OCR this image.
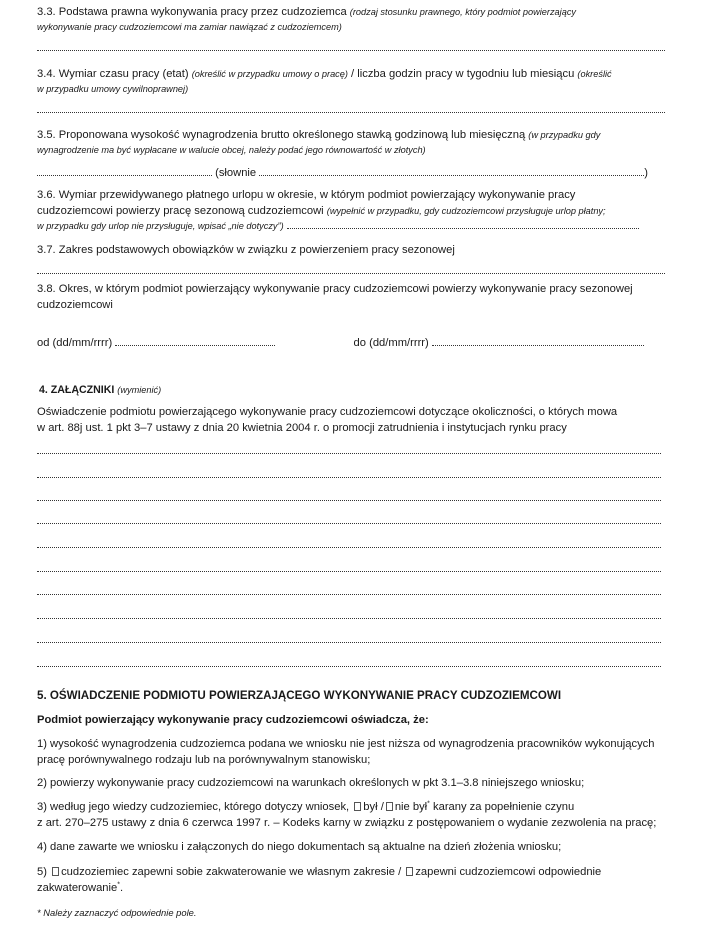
3.3. Podstawa prawna wykonywania pracy przez cudzoziemca (rodzaj stosunku prawnego, który podmiot powierzający
wykonywanie pracy cudzoziemcowi ma zamiar nawiązać z cudzoziemcem)
3.4. Wymiar czasu pracy (etat) (określić w przypadku umowy o pracę) / liczba godzin pracy w tygodniu lub miesiącu (określić
w przypadku umowy cywilnoprawnej)
3.5. Proponowana wysokość wynagrodzenia brutto określonego stawką godzinową lub miesięczną (w przypadku gdy
wynagrodzenie ma być wypłacane w walucie obcej, należy podać jego równowartość w złotych)
(słownie	)
3.6. Wymiar przewidywanego płatnego urlopu w okresie, w którym podmiot powierzający wykonywanie pracy
cudzoziemcowi powierzy pracę sezonową cudzoziemcowi (wypełnić w przypadku, gdy cudzoziemcowi przysługuje urlop płatny;
w przypadku gdy urlop nie przysługuje, wpisać „nie dotyczy”)
3.7. Zakres podstawowych obowiązków w związku z powierzeniem pracy sezonowej
3.8. Okres, w którym podmiot powierzający wykonywanie pracy cudzoziemcowi powierzy wykonywanie pracy sezonowej
cudzoziemcowi
od (dd/mm/rrrr)	do (dd/mm/rrrr)
4. ZAŁĄCZNIKI (wymienić)
Oświadczenie podmiotu powierzającego wykonywanie pracy cudzoziemcowi dotyczące okoliczności, o których mowa
w art. 88j ust. 1 pkt 3–7 ustawy z dnia 20 kwietnia 2004 r. o promocji zatrudnienia i instytucjach rynku pracy
5. OŚWIADCZENIE PODMIOTU POWIERZAJĄCEGO WYKONYWANIE PRACY CUDZOZIEMCOWI
Podmiot powierzający wykonywanie pracy cudzoziemcowi oświadcza, że:
1) wysokość wynagrodzenia cudzoziemca podana we wniosku nie jest niższa od wynagrodzenia pracowników wykonujących
pracę porównywalnego rodzaju lub na porównywalnym stanowisku;
2) powierzy wykonywanie pracy cudzoziemcowi na warunkach określonych w pkt 3.1–3.8 niniejszego wniosku;
3) według jego wiedzy cudzoziemiec, którego dotyczy wniosek, był / nie był* karany za popełnienie czynu
z art. 270–275 ustawy z dnia 6 czerwca 1997 r. – Kodeks karny w związku z postępowaniem o wydanie zezwolenia na pracę;
4) dane zawarte we wniosku i załączonych do niego dokumentach są aktualne na dzień złożenia wniosku;
5) cudzoziemiec zapewni sobie zakwaterowanie we własnym zakresie / zapewni cudzoziemcowi odpowiednie
zakwaterowanie*.
* Należy zaznaczyć odpowiednie pole.
